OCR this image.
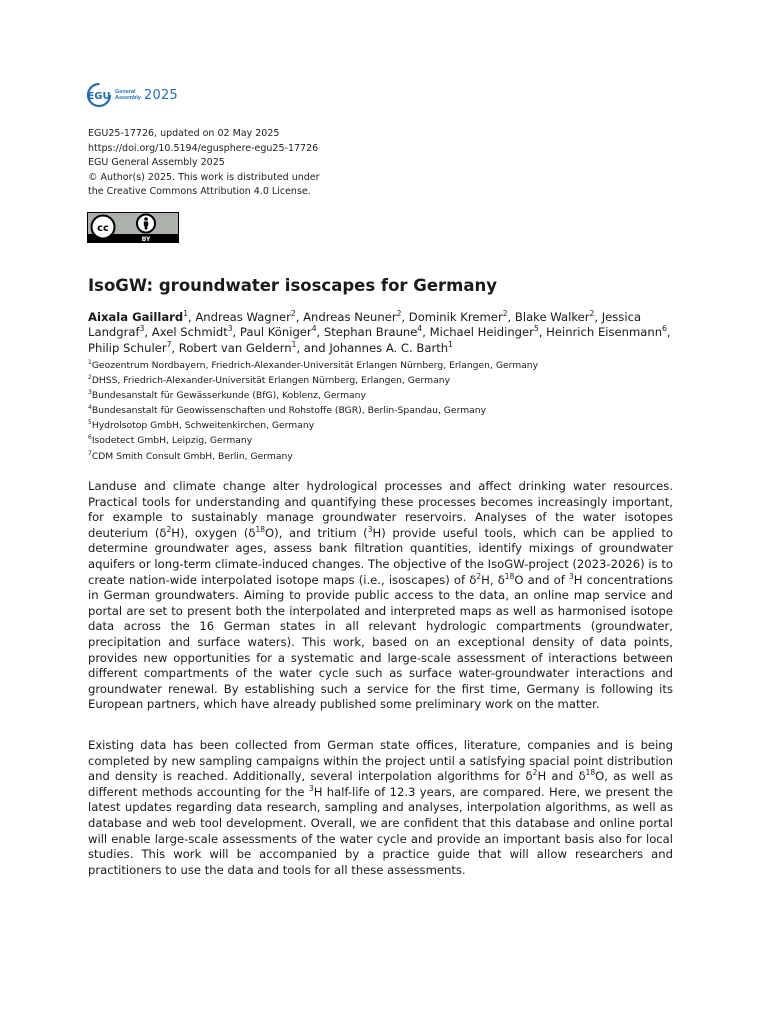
EGU General
Assembly 2025
EGU25-17726, updated on 02 May 2025
https://doi.org/10.5194/egusphere-egu25-17726
EGU General Assembly 2025
© Author(s) 2025. This work is distributed under
the Creative Commons Attribution 4.0 License.
cc
BY
IsoGW: groundwater isoscapes for Germany
Aixala Gaillard$^1$, Andreas Wagner$^2$, Andreas Neuner$^2$, Dominik Kremer$^2$, Blake Walker$^2$, Jessica Landgraf$^3$, Axel Schmidt$^3$, Paul Königer$^4$, Stephan Braune$^4$, Michael Heidinger$^5$, Heinrich Eisenmann$^6$, Philip Schuler$^7$, Robert van Geldern$^1$, and Johannes A. C. Barth$^1$
$^1$Geozentrum Nordbayern, Friedrich-Alexander-Universität Erlangen Nürnberg, Erlangen, Germany
$^2$DHSS, Friedrich-Alexander-Universität Erlangen Nürnberg, Erlangen, Germany
$^3$Bundesanstalt für Gewässerkunde (BfG), Koblenz, Germany
$^4$Bundesanstalt für Geowissenschaften und Rohstoffe (BGR), Berlin-Spandau, Germany
$^5$Hydrolsotop GmbH, Schweitenkirchen, Germany
$^6$Isodetect GmbH, Leipzig, Germany
$^7$CDM Smith Consult GmbH, Berlin, Germany

Landuse and climate change alter hydrological processes and affect drinking water resources. Practical tools for understanding and quantifying these processes becomes increasingly important, for example to sustainably manage groundwater reservoirs. Analyses of the water isotopes deuterium $(\delta^2H)$, oxygen $(\delta^{18}O)$, and tritium ($^3$H) provide useful tools, which can be applied to determine groundwater ages, assess bank filtration quantities, identify mixings of groundwater aquifers or long-term climate-induced changes. The objective of the IsoGW-project (2023-2026) is to create nation-wide interpolated isotope maps (i.e., isoscapes) of $\delta^2H$, $\delta^{18}O$ and of $^3$H concentrations in German groundwaters. Aiming to provide public access to the data, an online map service and portal are set to present both the interpolated and interpreted maps as well as harmonised isotope data across the 16 German states in all relevant hydrologic compartments (groundwater, precipitation and surface waters). This work, based on an exceptional density of data points, provides new opportunities for a systematic and large-scale assessment of interactions between different compartments of the water cycle such as surface water-groundwater interactions and groundwater renewal. By establishing such a service for the first time, Germany is following its European partners, which have already published some preliminary work on the matter.

Existing data has been collected from German state offices, literature, companies and is being completed by new sampling campaigns within the project until a satisfying spacial point distribution and density is reached. Additionally, several interpolation algorithms for $\delta^2H$ and $\delta^{18}O$, as well as different methods accounting for the $^3$H half-life of 12.3 years, are compared. Here, we present the latest updates regarding data research, sampling and analyses, interpolation algorithms, as well as database and web tool development. Overall, we are confident that this database and online portal will enable large-scale assessments of the water cycle and provide an important basis also for local studies. This work will be accompanied by a practice guide that will allow researchers and practitioners to use the data and tools for all these assessments.
